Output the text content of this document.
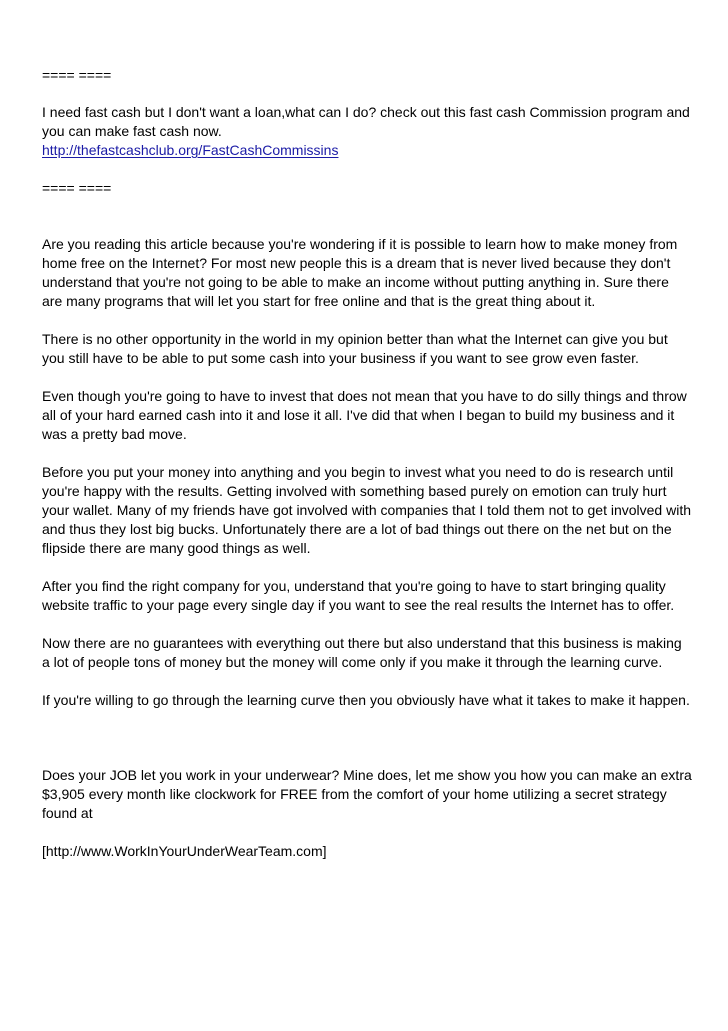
==== ====

I need fast cash but I don't want a loan,what can I do? check out this fast cash Commission program and you can make fast cash now.

http://thefastcashclub.org/FastCashCommissins
==== ====

Are you reading this article because you're wondering if it is possible to learn how to make money from home free on the Internet? For most new people this is a dream that is never lived because they don't understand that you're not going to be able to make an income without putting anything in. Sure there are many programs that will let you start for free online and that is the great thing about it.

There is no other opportunity in the world in my opinion better than what the Internet can give you but you still have to be able to put some cash into your business if you want to see grow even faster.

Even though you're going to have to invest that does not mean that you have to do silly things and throw all of your hard earned cash into it and lose it all. I've did that when I began to build my business and it was a pretty bad move.

Before you put your money into anything and you begin to invest what you need to do is research until you're happy with the results. Getting involved with something based purely on emotion can truly hurt your wallet. Many of my friends have got involved with companies that I told them not to get involved with and thus they lost big bucks. Unfortunately there are a lot of bad things out there on the net but on the flipside there are many good things as well.

After you find the right company for you, understand that you're going to have to start bringing quality website traffic to your page every single day if you want to see the real results the Internet has to offer.

Now there are no guarantees with everything out there but also understand that this business is making a lot of people tons of money but the money will come only if you make it through the learning curve.

If you're willing to go through the learning curve then you obviously have what it takes to make it happen.

Does your JOB let you work in your underwear? Mine does, let me show you how you can make an extra $3,905 every month like clockwork for FREE from the comfort of your home utilizing a secret strategy found at

[http://www.WorkInYourUnderWearTeam.com]
